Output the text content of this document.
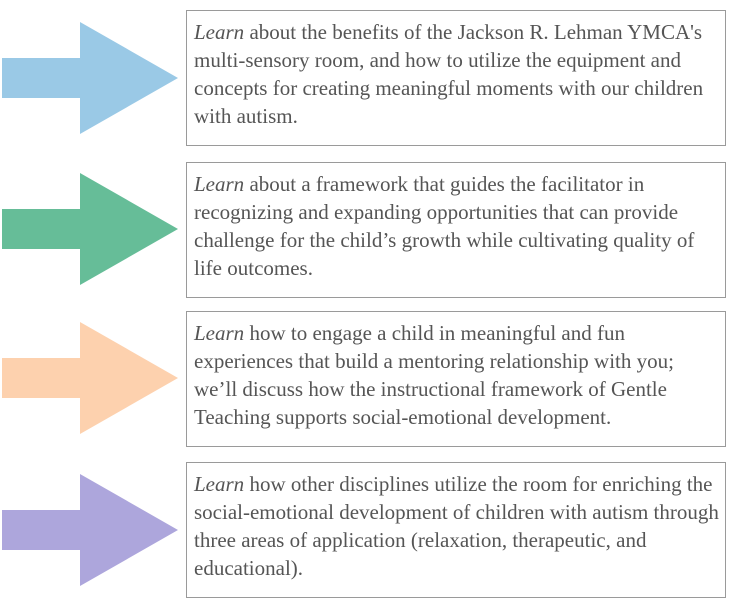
Learn about the benefits of the Jackson R. Lehman YMCA's multi-sensory room, and how to utilize the equipment and concepts for creating meaningful moments with our children with autism.
Learn about a framework that guides the facilitator in recognizing and expanding opportunities that can provide challenge for the child’s growth while cultivating quality of life outcomes.
Learn how to engage a child in meaningful and fun experiences that build a mentoring relationship with you; we’ll discuss how the instructional framework of Gentle Teaching supports social-emotional development.
Learn how other disciplines utilize the room for enriching the social-emotional development of children with autism through three areas of application (relaxation, therapeutic, and educational).
